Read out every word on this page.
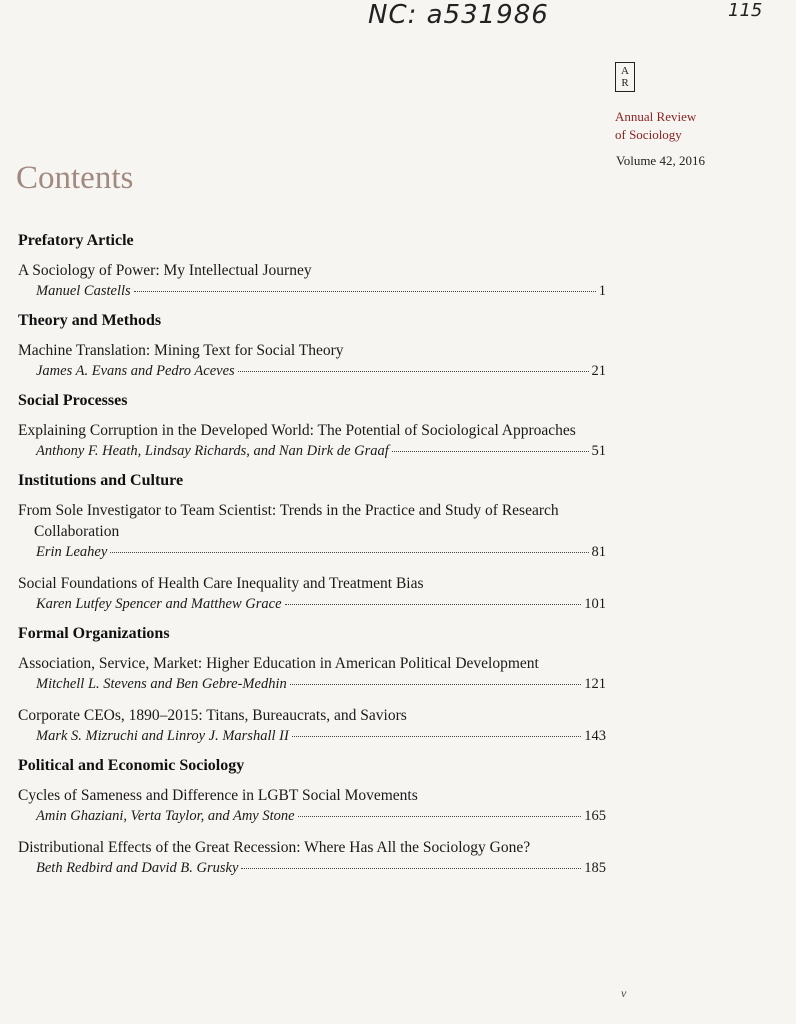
NC: a531986	115
AR
Annual Review
of Sociology
Volume 42, 2016
Contents
Prefatory Article
A Sociology of Power: My Intellectual Journey
Manuel Castells	1
Theory and Methods
Machine Translation: Mining Text for Social Theory
James A. Evans and Pedro Aceves	21
Social Processes
Explaining Corruption in the Developed World: The Potential of Sociological Approaches
Anthony F. Heath, Lindsay Richards, and Nan Dirk de Graaf	51
Institutions and Culture
From Sole Investigator to Team Scientist: Trends in the Practice and Study of Research Collaboration
Erin Leahey	81
Social Foundations of Health Care Inequality and Treatment Bias
Karen Lutfey Spencer and Matthew Grace	101
Formal Organizations
Association, Service, Market: Higher Education in American Political Development
Mitchell L. Stevens and Ben Gebre-Medhin	121
Corporate CEOs, 1890–2015: Titans, Bureaucrats, and Saviors
Mark S. Mizruchi and Linroy J. Marshall II	143
Political and Economic Sociology
Cycles of Sameness and Difference in LGBT Social Movements
Amin Ghaziani, Verta Taylor, and Amy Stone	165
Distributional Effects of the Great Recession: Where Has All the Sociology Gone?
Beth Redbird and David B. Grusky	185
v
